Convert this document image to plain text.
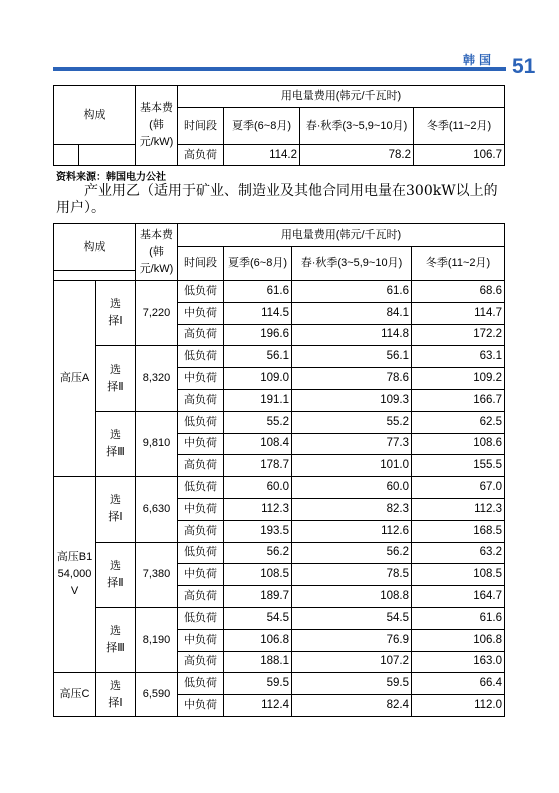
韩国 51
构成	基本费(韩元/kW)	用电量费用(韩元/千瓦时)			
		时间段	夏季(6~8月)	春·秋季(3~5,9~10月)	冬季(11~2月)
		高负荷	114.2	78.2	106.7
资料来源：韩国电力公社
产业用乙（适用于矿业、制造业及其他合同用电量在300kW以上的用户）。
构成		基本费(韩元/kW)	用电量费用(韩元/千瓦时)			
			时间段	夏季(6~8月)	春·秋季(3~5,9~10月)	冬季(11~2月)

高压A	选择Ⅰ	7,220	低负荷	61.6	61.6	68.6
			中负荷	114.5	84.1	114.7
			高负荷	196.6	114.8	172.2
	选择Ⅱ	8,320	低负荷	56.1	56.1	63.1
			中负荷	109.0	78.6	109.2
			高负荷	191.1	109.3	166.7
	选择Ⅲ	9,810	低负荷	55.2	55.2	62.5
			中负荷	108.4	77.3	108.6
			高负荷	178.7	101.0	155.5
高压B154,000V	选择Ⅰ	6,630	低负荷	60.0	60.0	67.0
			中负荷	112.3	82.3	112.3
			高负荷	193.5	112.6	168.5
	选择Ⅱ	7,380	低负荷	56.2	56.2	63.2
			中负荷	108.5	78.5	108.5
			高负荷	189.7	108.8	164.7
	选择Ⅲ	8,190	低负荷	54.5	54.5	61.6
			中负荷	106.8	76.9	106.8
			高负荷	188.1	107.2	163.0
高压C	选择Ⅰ	6,590	低负荷	59.5	59.5	66.4
			中负荷	112.4	82.4	112.0
